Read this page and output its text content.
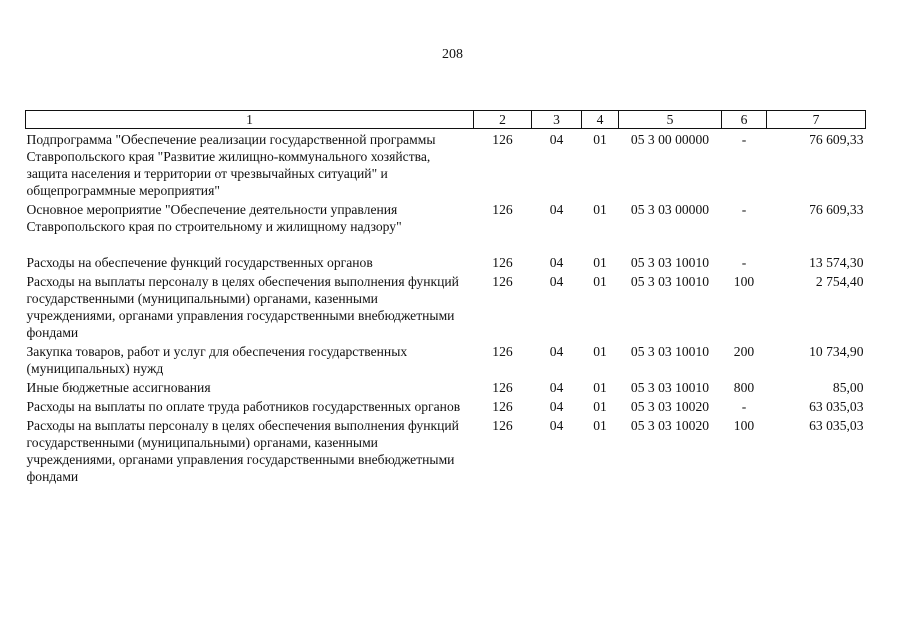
208
1	2	3	4	5	6	7
Подпрограмма "Обеспечение реализации государственной программы Ставропольского края "Развитие жилищно-коммунального хозяйства, защита населения и территории от чрезвычайных ситуаций" и общепрограммные мероприятия"	126	04	01	05 3 00 00000	-	76 609,33
Основное мероприятие "Обеспечение деятельности управления Ставропольского края по строительному и жилищному надзору"	126	04	01	05 3 03 00000	-	76 609,33
Расходы на обеспечение функций государственных органов	126	04	01	05 3 03 10010	-	13 574,30
Расходы на выплаты персоналу в целях обеспечения выполнения функций государственными (муниципальными) органами, казенными учреждениями, органами управления государственными внебюджетными фондами	126	04	01	05 3 03 10010	100	2 754,40
Закупка товаров, работ и услуг для обеспечения государственных (муниципальных) нужд	126	04	01	05 3 03 10010	200	10 734,90
Иные бюджетные ассигнования	126	04	01	05 3 03 10010	800	85,00
Расходы на выплаты по оплате труда работников государственных органов	126	04	01	05 3 03 10020	-	63 035,03
Расходы на выплаты персоналу в целях обеспечения выполнения функций государственными (муниципальными) органами, казенными учреждениями, органами управления государственными внебюджетными фондами	126	04	01	05 3 03 10020	100	63 035,03
